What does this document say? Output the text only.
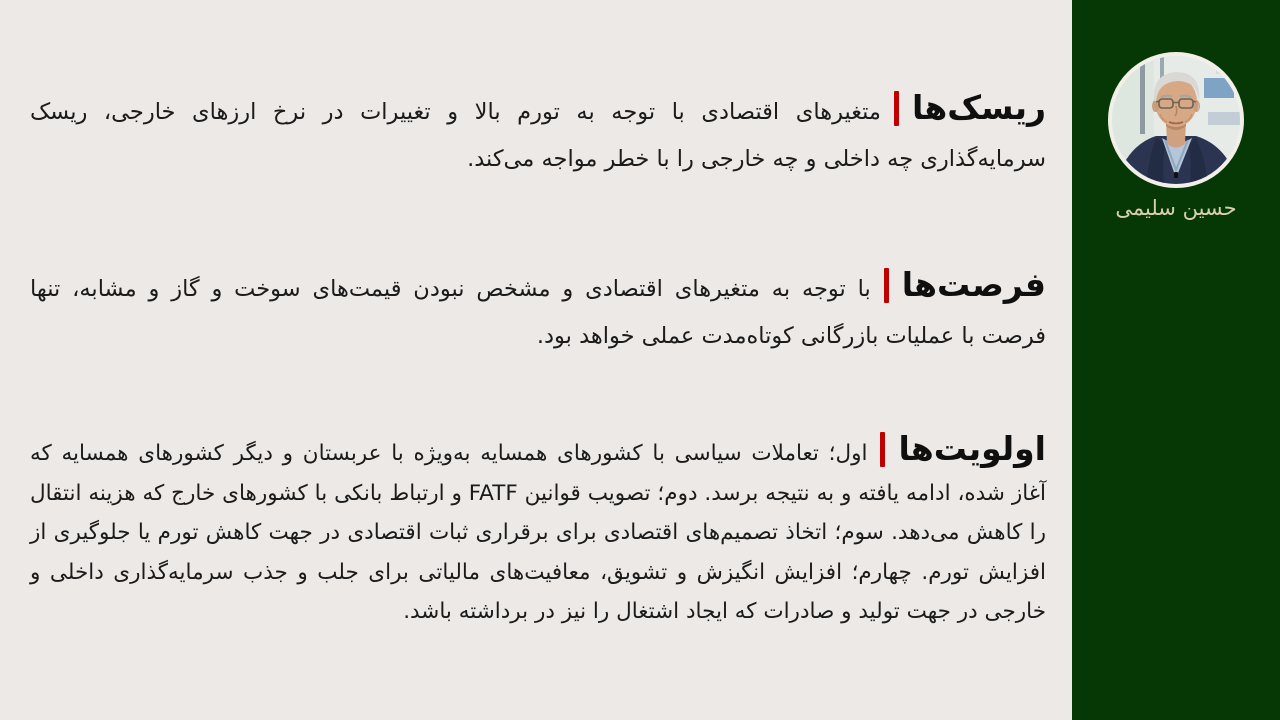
ریسک‌هامتغیرهای اقتصادی با توجه به تورم بالا و تغییرات در نرخ ارزهای خارجی، ریسک سرمایه‌گذاری چه داخلی و چه خارجی را با خطر مواجه می‌کند.

فرصت‌هابا توجه به متغیرهای اقتصادی و مشخص نبودن قیمت‌های سوخت و گاز و مشابه، تنها فرصت با عملیات بازرگانی کوتاه‌مدت عملی خواهد بود.

اولویت‌هااول؛ تعاملات سیاسی با کشورهای همسایه به‌ویژه با عربستان و دیگر کشورهای همسایه که آغاز شده، ادامه یافته و به نتیجه برسد. دوم؛ تصویب قوانین FATF و ارتباط بانکی با کشورهای خارج که هزینه انتقال را کاهش می‌دهد. سوم؛ اتخاذ تصمیم‌های اقتصادی برای برقراری ثبات اقتصادی در جهت کاهش تورم یا جلوگیری از افزایش تورم. چهارم؛ افزایش انگیزش و تشویق، معافیت‌های مالیاتی برای جلب و جذب سرمایه‌گذاری داخلی و خارجی در جهت تولید و صادرات که ایجاد اشتغال را نیز در برداشته باشد.

حسین سلیمی
